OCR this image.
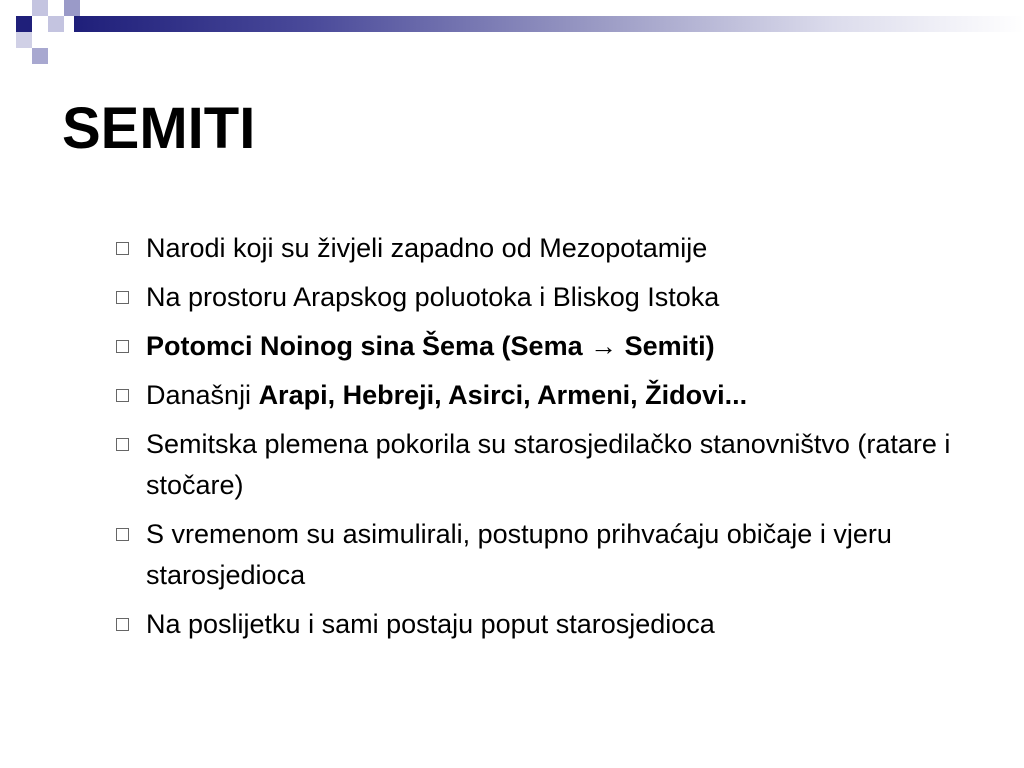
SEMITI
Narodi koji su živjeli zapadno od Mezopotamije
Na prostoru Arapskog poluotoka i Bliskog Istoka
Potomci Noinog sina Šema (Sema → Semiti)
Današnji Arapi, Hebreji, Asirci, Armeni, Židovi...
Semitska plemena pokorila su starosjedilačko stanovništvo (ratare i stočare)
S vremenom su asimulirali, postupno prihvaćaju običaje i vjeru starosjedioca
Na poslijetku i sami postaju poput starosjedioca
